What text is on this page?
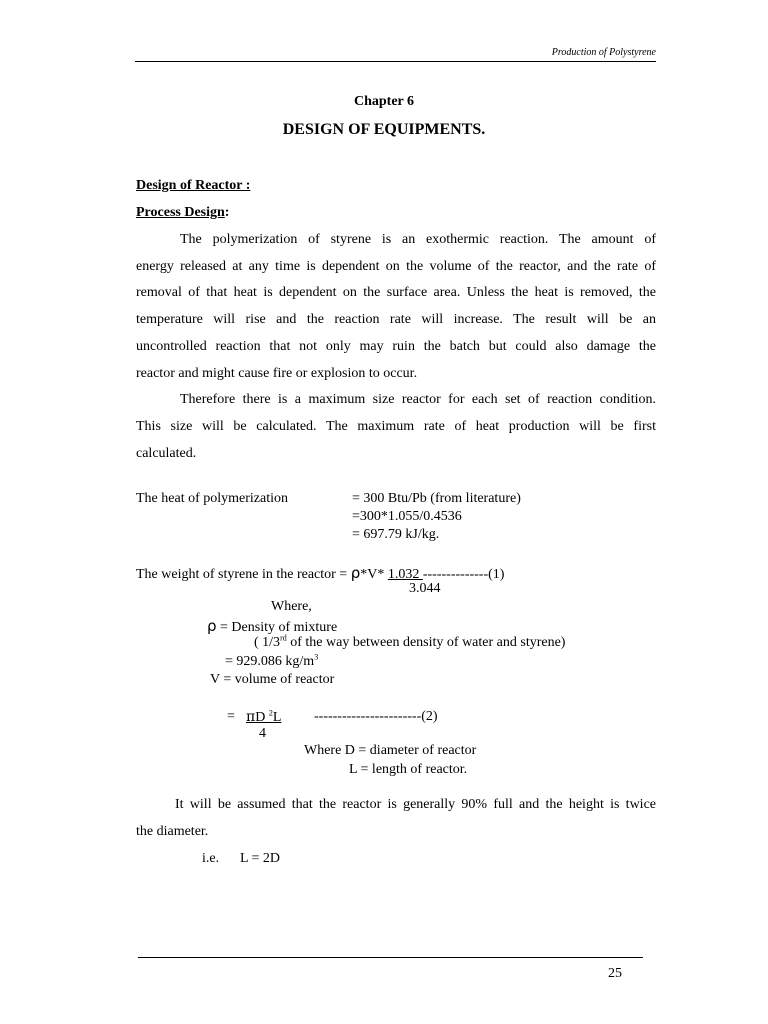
Production of Polystyrene
Chapter 6
DESIGN OF EQUIPMENTS.
Design of Reactor :
Process Design:
The polymerization of styrene is an exothermic reaction. The amount of
energy released at any time is dependent on the volume of the reactor, and the rate of
removal of that heat is dependent on the surface area. Unless the heat is removed, the
temperature will rise and the reaction rate will increase. The result will be an
uncontrolled reaction that not only may ruin the batch but could also damage the
reactor and might cause fire or explosion to occur.
Therefore there is a maximum size reactor for each set of reaction condition.
This size will be calculated. The maximum rate of heat production will be first
calculated.
The heat of polymerization	= 300 Btu/Pb (from literature)
=300*1.055/0.4536
= 697.79 kJ/kg.
The weight of styrene in the reactor = ρ*V* 1.032 --------------(1)
3.044
Where,
ρ = Density of mixture
( 1/3rd of the way between density of water and styrene)
= 929.086 $kg/m^3$
V = volume of reactor
= πD $^2$L -----------------------(2)
4
Where D = diameter of reactor
L = length of reactor.
It will be assumed that the reactor is generally 90% full and the height is twice
the diameter.
i.e. L = 2D
25
